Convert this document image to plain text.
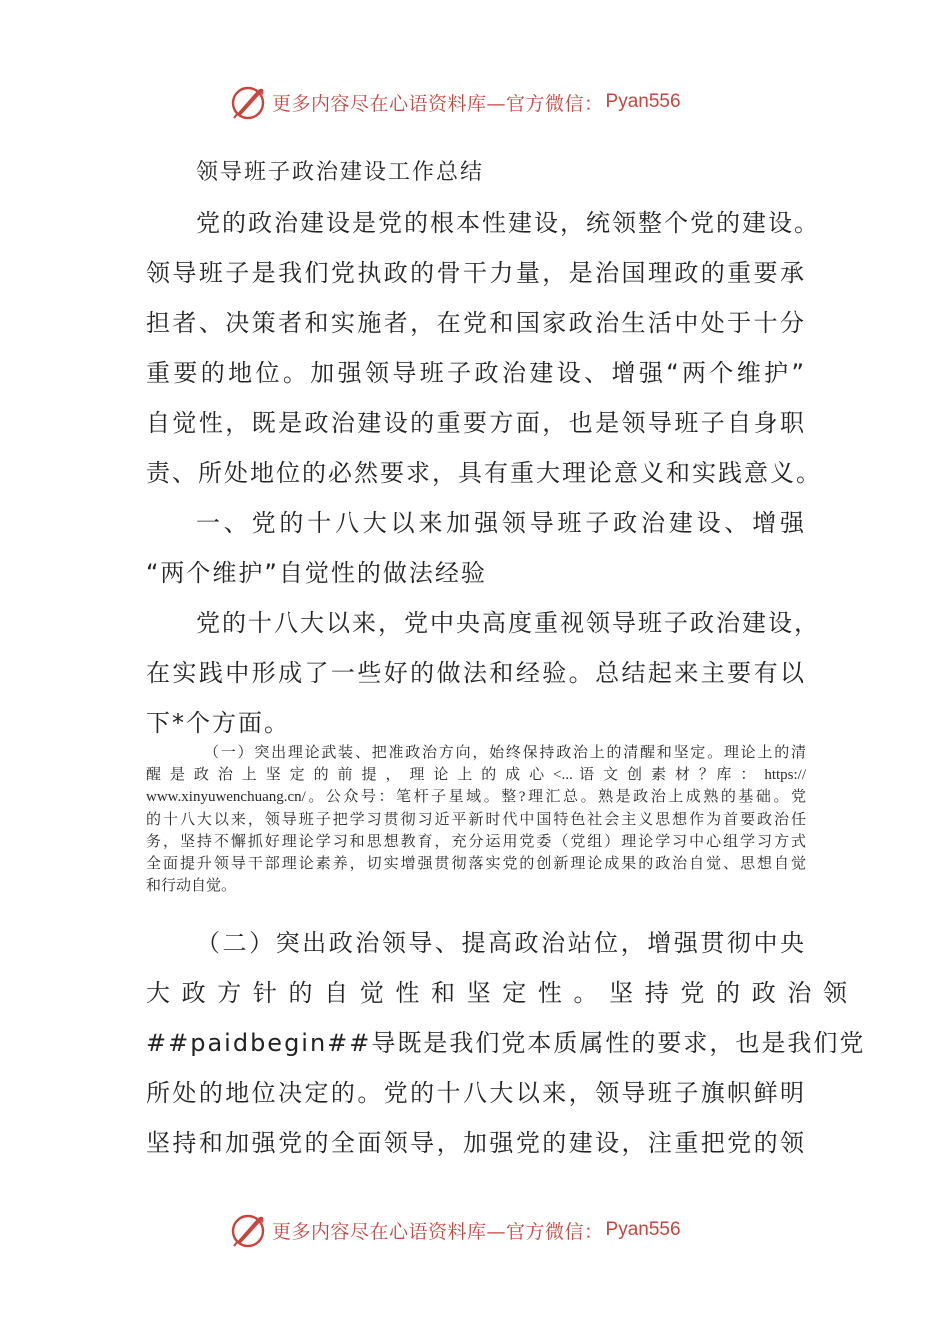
更多内容尽在心语资料库—官方微信： Pyan556
领导班子政治建设工作总结
党的政治建设是党的根本性建设，统领整个党的建设。
领导班子是我们党执政的骨干力量，是治国理政的重要承
担者、决策者和实施者，在党和国家政治生活中处于十分
重要的地位。加强领导班子政治建设、增强“两个维护”
自觉性，既是政治建设的重要方面，也是领导班子自身职
责、所处地位的必然要求，具有重大理论意义和实践意义。
一、党的十八大以来加强领导班子政治建设、增强
“两个维护”自觉性的做法经验
党的十八大以来，党中央高度重视领导班子政治建设，
在实践中形成了一些好的做法和经验。总结起来主要有以
下*个方面。
（一）突出理论武装、把准政治方向，始终保持政治上的清醒和坚定。理论上的清
醒 是 政 治 上 坚 定 的 前 提 ， 理 论 上 的 成 心 <... 语 文 创 素 材 ？库 ： https://
www.xinyuwenchuang.cn/。公众号：笔杆子星域。整?理汇总。熟是政治上成熟的基础。党
的十八大以来，领导班子把学习贯彻习近平新时代中国特色社会主义思想作为首要政治任
务，坚持不懈抓好理论学习和思想教育，充分运用党委（党组）理论学习中心组学习方式
全面提升领导干部理论素养，切实增强贯彻落实党的创新理论成果的政治自觉、思想自觉
和行动自觉。
（二）突出政治领导、提高政治站位，增强贯彻中央
大 政 方 针 的 自 觉 性 和 坚 定 性 。 坚 持 党 的 政 治 领
##paidbegin##导既是我们党本质属性的要求，也是我们党
所处的地位决定的。党的十八大以来，领导班子旗帜鲜明
坚持和加强党的全面领导，加强党的建设，注重把党的领
更多内容尽在心语资料库—官方微信： Pyan556
